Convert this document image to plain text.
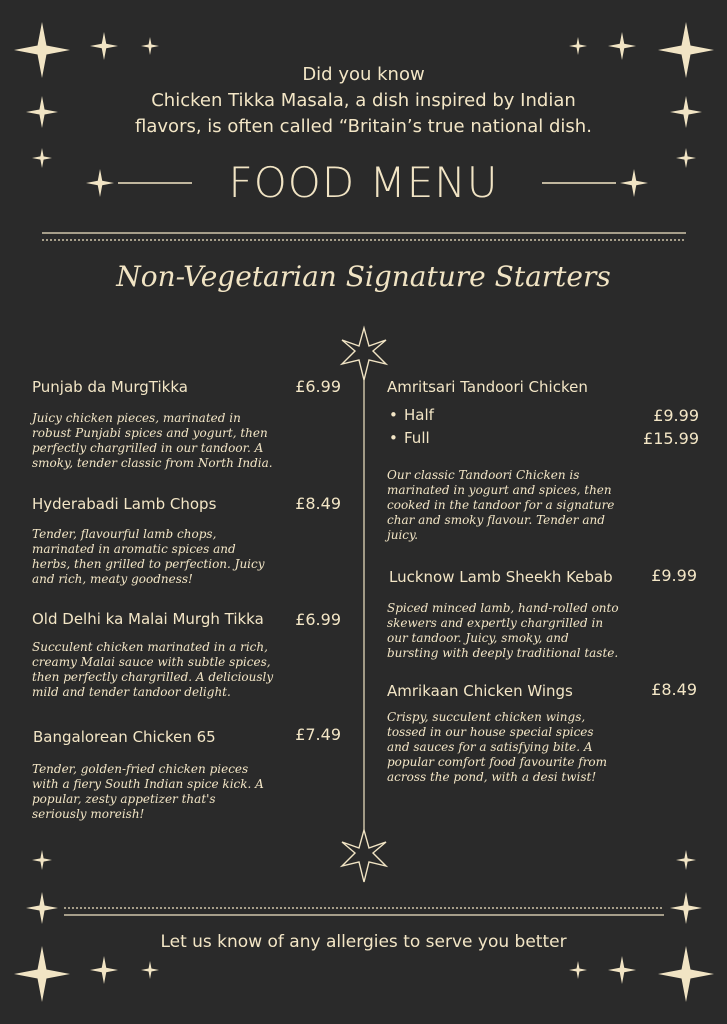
Did you know
Chicken Tikka Masala, a dish inspired by Indian
flavors, is often called “Britain’s true national dish.
FOOD MENU
Non-Vegetarian Signature Starters
Punjab da MurgTikka	£6.99
Juicy chicken pieces, marinated in
robust Punjabi spices and yogurt, then
perfectly chargrilled in our tandoor. A
smoky, tender classic from North India.
Hyderabadi Lamb Chops	£8.49
Tender, flavourful lamb chops,
marinated in aromatic spices and
herbs, then grilled to perfection. Juicy
and rich, meaty goodness!
Old Delhi ka Malai Murgh Tikka £6.99
Succulent chicken marinated in a rich,
creamy Malai sauce with subtle spices,
then perfectly chargrilled. A deliciously
mild and tender tandoor delight.
Bangalorean Chicken 65	£7.49
Tender, golden-fried chicken pieces
with a fiery South Indian spice kick. A
popular, zesty appetizer that's
seriously moreish!
Amritsari Tandoori Chicken
• Half	£9.99
• Full	£15.99
Our classic Tandoori Chicken is
marinated in yogurt and spices, then
cooked in the tandoor for a signature
char and smoky flavour. Tender and
juicy.
Lucknow Lamb Sheekh Kebab £9.99
Spiced minced lamb, hand-rolled onto
skewers and expertly chargrilled in
our tandoor. Juicy, smoky, and
bursting with deeply traditional taste.
Amrikaan Chicken Wings	£8.49
Crispy, succulent chicken wings,
tossed in our house special spices
and sauces for a satisfying bite. A
popular comfort food favourite from
across the pond, with a desi twist!
Let us know of any allergies to serve you better
